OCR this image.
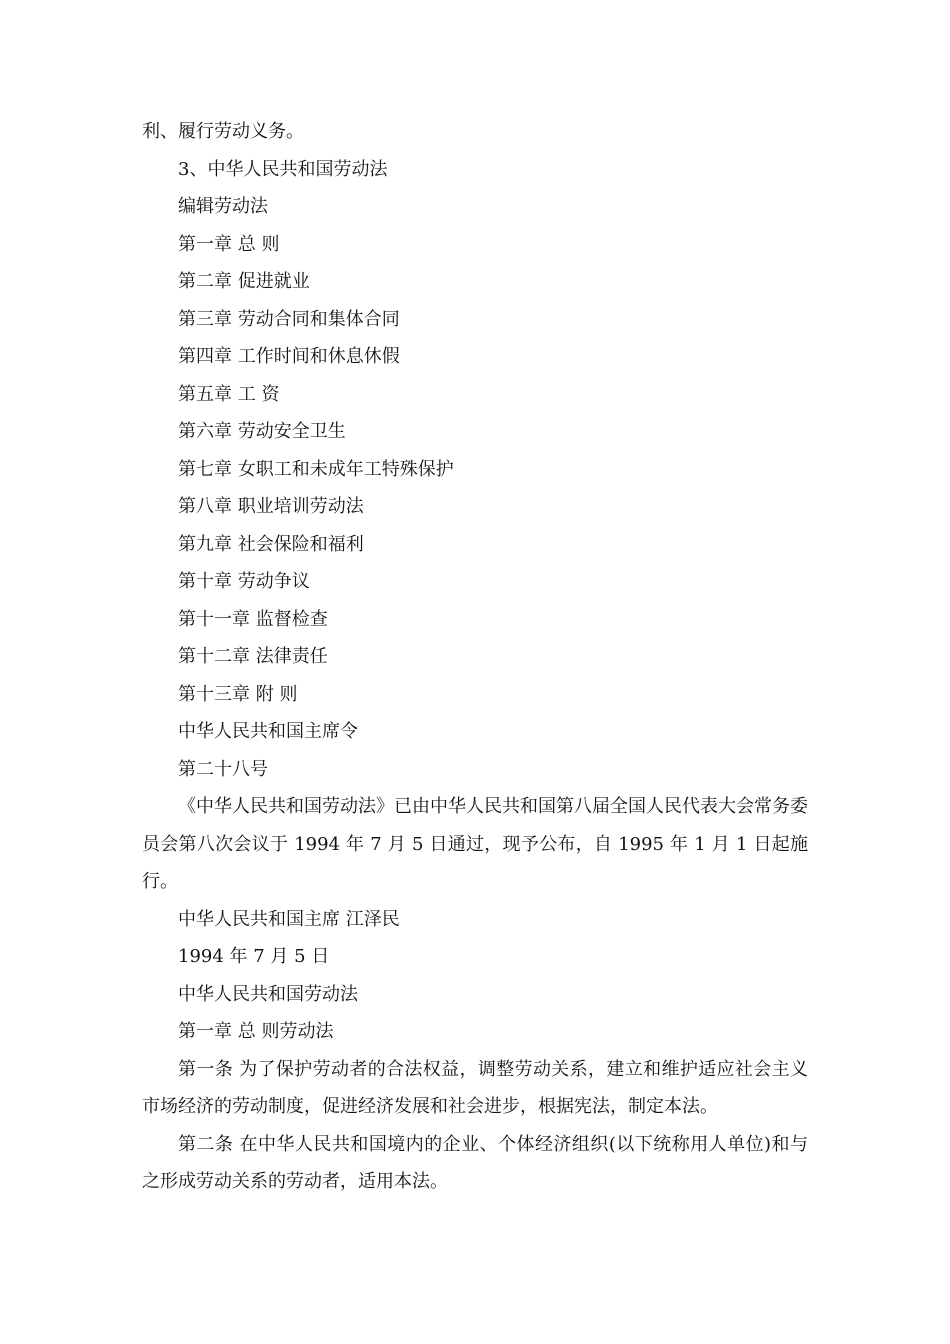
利、履行劳动义务。

3、中华人民共和国劳动法

编辑劳动法

第一章 总 则

第二章 促进就业

第三章 劳动合同和集体合同

第四章 工作时间和休息休假

第五章 工 资

第六章 劳动安全卫生

第七章 女职工和未成年工特殊保护

第八章 职业培训劳动法

第九章 社会保险和福利

第十章 劳动争议

第十一章 监督检查

第十二章 法律责任

第十三章 附 则

中华人民共和国主席令

第二十八号

《中华人民共和国劳动法》已由中华人民共和国第八届全国人民代表大会常务委员会第八次会议于 1994 年 7 月 5 日通过，现予公布，自 1995 年 1 月 1 日起施行。

中华人民共和国主席 江泽民

1994 年 7 月 5 日

中华人民共和国劳动法

第一章 总 则劳动法

第一条 为了保护劳动者的合法权益，调整劳动关系，建立和维护适应社会主义市场经济的劳动制度，促进经济发展和社会进步，根据宪法，制定本法。

第二条 在中华人民共和国境内的企业、个体经济组织(以下统称用人单位)和与之形成劳动关系的劳动者，适用本法。
